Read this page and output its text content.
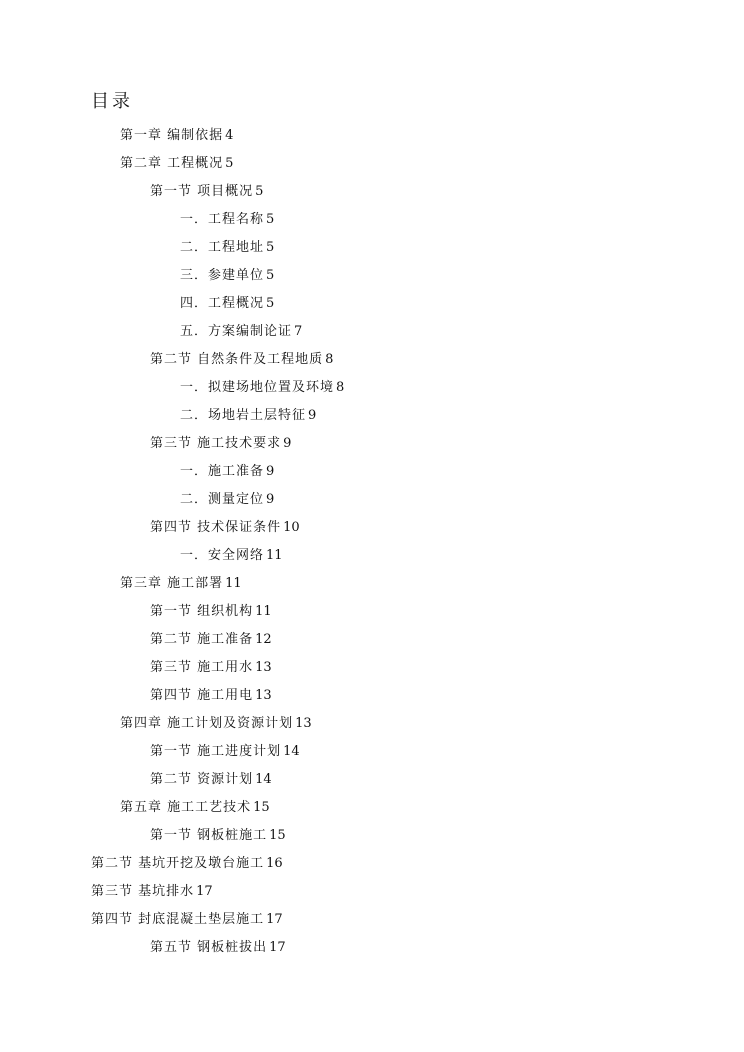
目录
第一章 编制依据 4
第二章 工程概况 5
第一节 项目概况 5
一．工程名称 5
二．工程地址 5
三．参建单位 5
四．工程概况 5
五．方案编制论证 7
第二节 自然条件及工程地质 8
一．拟建场地位置及环境 8
二．场地岩土层特征 9
第三节 施工技术要求 9
一．施工准备 9
二．测量定位 9
第四节 技术保证条件 10
一．安全网络 11
第三章 施工部署 11
第一节 组织机构 11
第二节 施工准备 12
第三节 施工用水 13
第四节 施工用电 13
第四章 施工计划及资源计划 13
第一节 施工进度计划 14
第二节 资源计划 14
第五章 施工工艺技术 15
第一节 钢板桩施工 15
第二节 基坑开挖及墩台施工 16
第三节 基坑排水 17
第四节 封底混凝土垫层施工 17
第五节 钢板桩拔出 17
